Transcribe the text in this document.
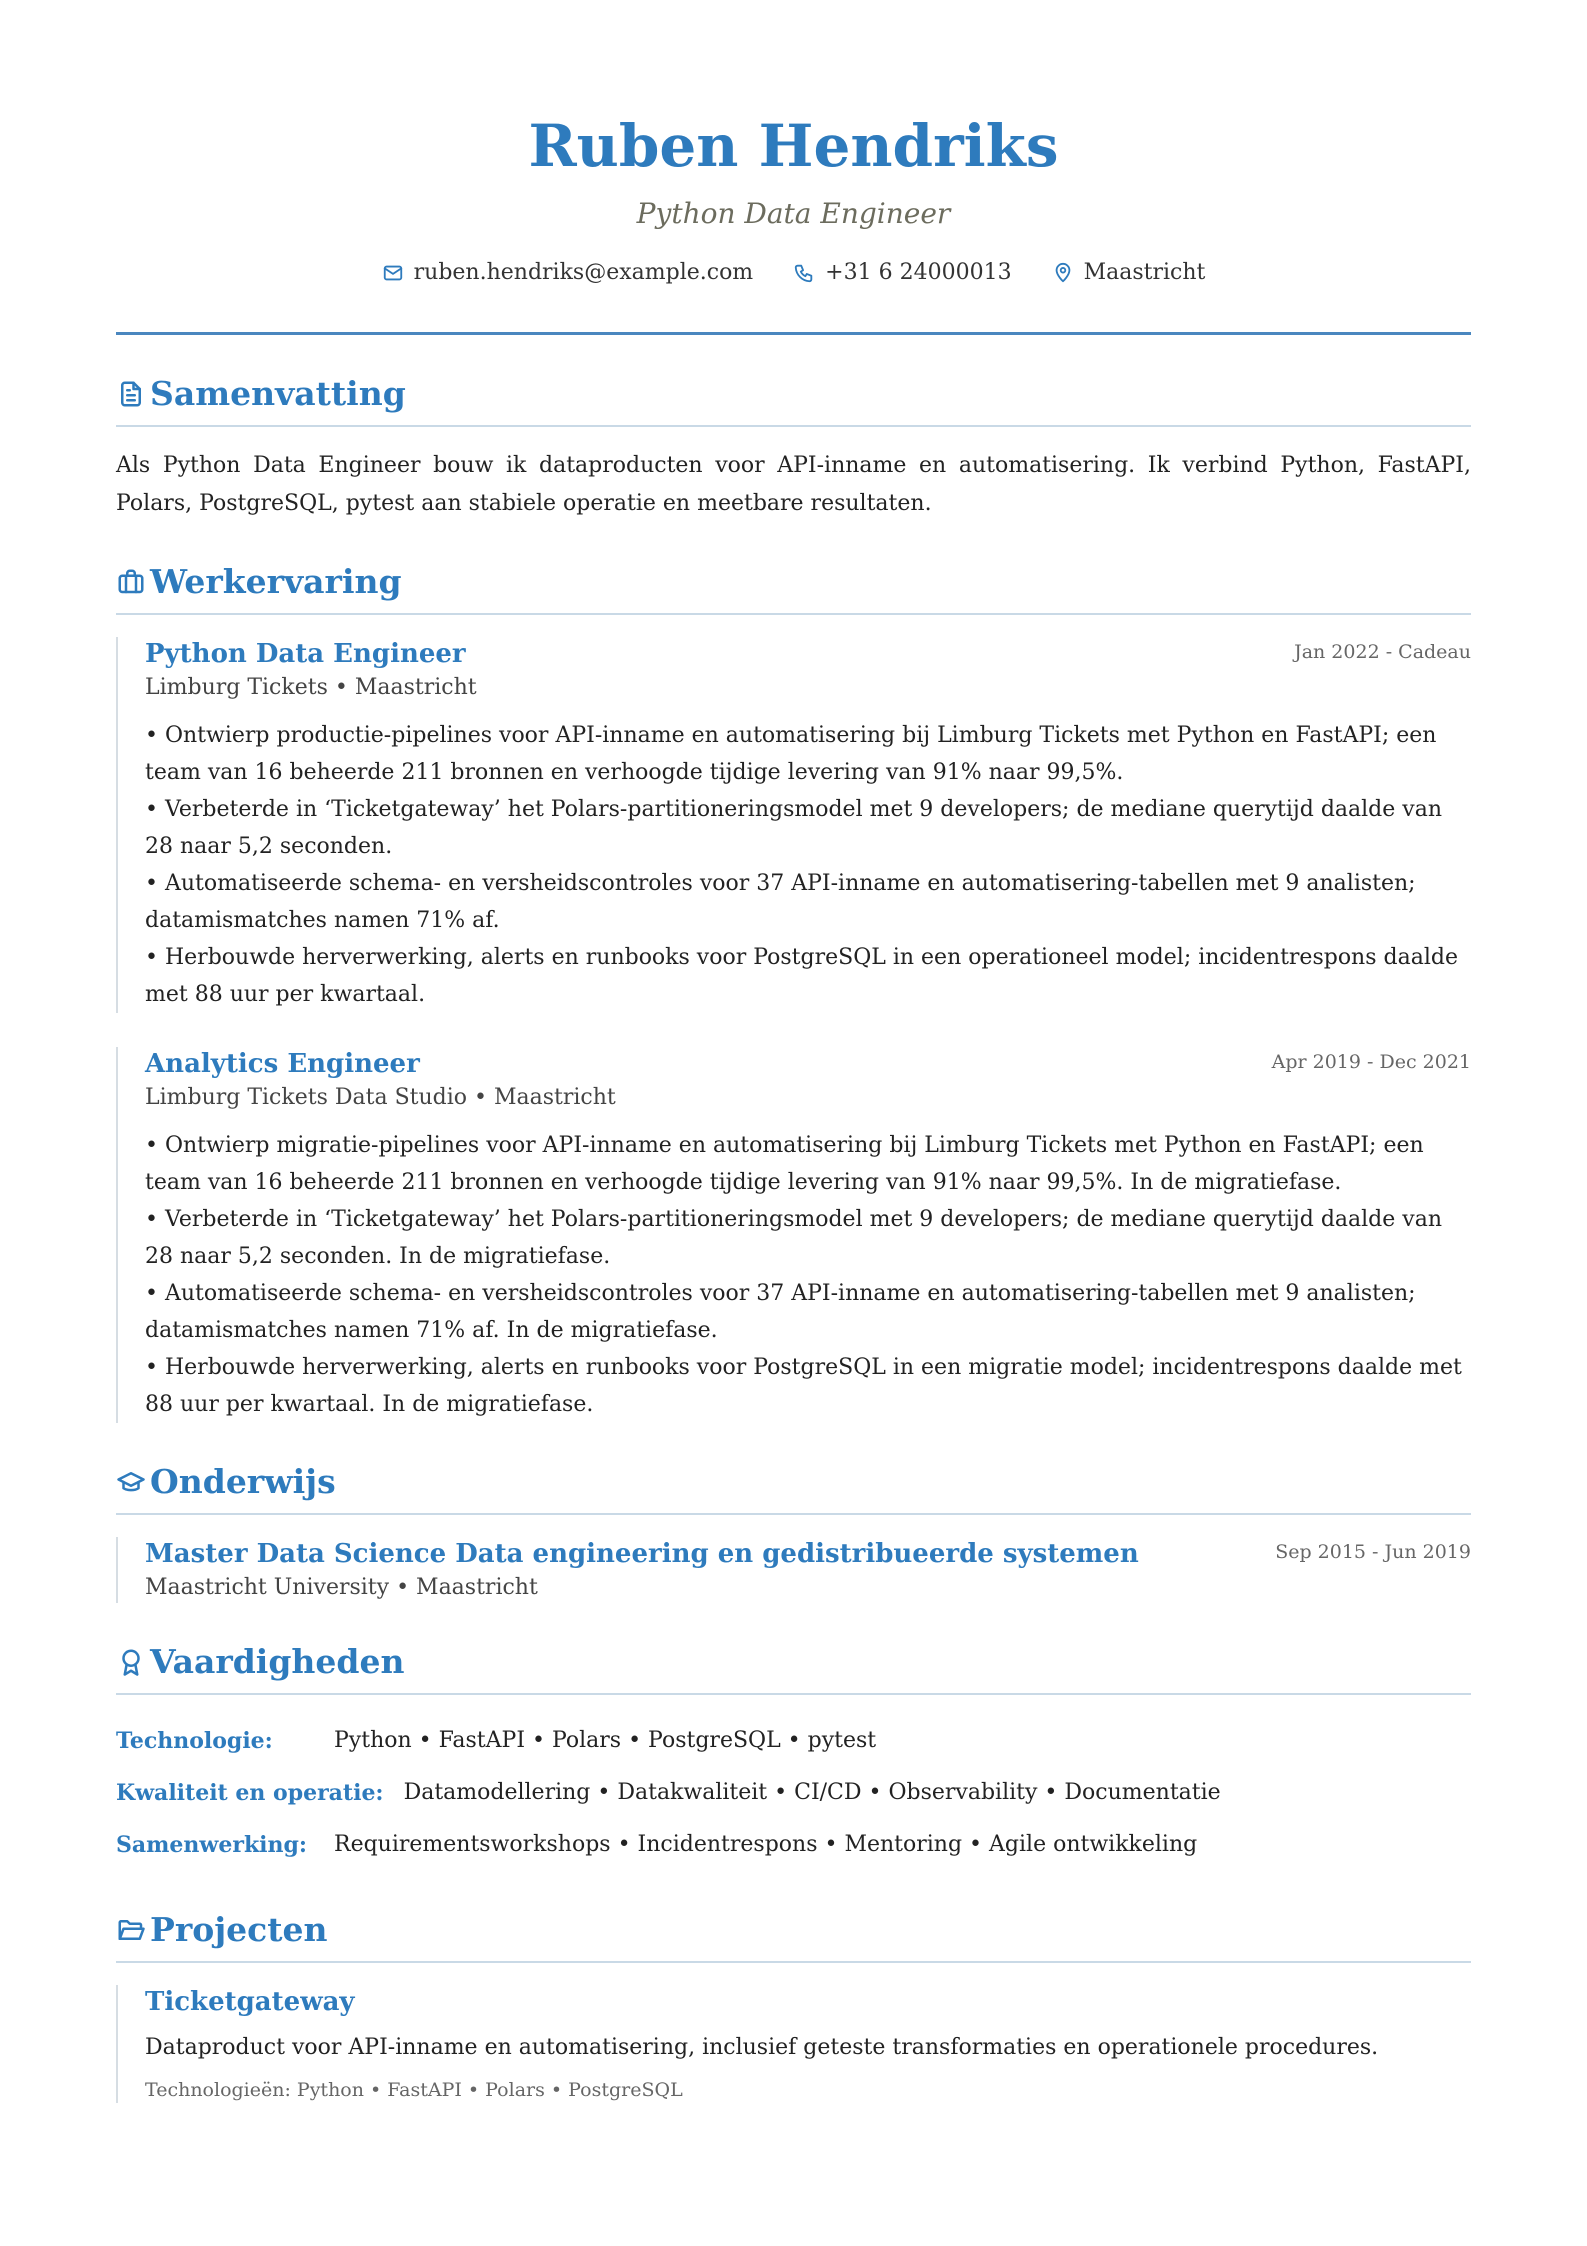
Ruben Hendriks
Python Data Engineer
ruben.hendriks@example.com	+31 6 24000013	Maastricht
Samenvatting
Als Python Data Engineer bouw ik dataproducten voor API-inname en automatisering. Ik verbind Python, FastAPI, Polars, PostgreSQL, pytest aan stabiele operatie en meetbare resultaten.
Werkervaring
Python Data Engineer	Jan 2022 - Cadeau
Limburg Tickets • Maastricht
• Ontwierp productie-pipelines voor API-inname en automatisering bij Limburg Tickets met Python en FastAPI; een team van 16 beheerde 211 bronnen en verhoogde tijdige levering van 91% naar 99,5%.
• Verbeterde in ‘Ticketgateway’ het Polars-partitioneringsmodel met 9 developers; de mediane querytijd daalde van 28 naar 5,2 seconden.
• Automatiseerde schema- en versheidscontroles voor 37 API-inname en automatisering-tabellen met 9 analisten; datamismatches namen 71% af.
• Herbouwde herverwerking, alerts en runbooks voor PostgreSQL in een operationeel model; incidentrespons daalde met 88 uur per kwartaal.
Analytics Engineer	Apr 2019 - Dec 2021
Limburg Tickets Data Studio • Maastricht
• Ontwierp migratie-pipelines voor API-inname en automatisering bij Limburg Tickets met Python en FastAPI; een team van 16 beheerde 211 bronnen en verhoogde tijdige levering van 91% naar 99,5%. In de migratiefase.
• Verbeterde in ‘Ticketgateway’ het Polars-partitioneringsmodel met 9 developers; de mediane querytijd daalde van 28 naar 5,2 seconden. In de migratiefase.
• Automatiseerde schema- en versheidscontroles voor 37 API-inname en automatisering-tabellen met 9 analisten; datamismatches namen 71% af. In de migratiefase.
• Herbouwde herverwerking, alerts en runbooks voor PostgreSQL in een migratie model; incidentrespons daalde met 88 uur per kwartaal. In de migratiefase.
Onderwijs
Master Data Science Data engineering en gedistribueerde systemen	Sep 2015 - Jun 2019
Maastricht University • Maastricht
Vaardigheden
Technologie:	Python • FastAPI • Polars • PostgreSQL • pytest
Kwaliteit en operatie: Datamodellering • Datakwaliteit • CI/CD • Observability • Documentatie
Samenwerking:	Requirementsworkshops • Incidentrespons • Mentoring • Agile ontwikkeling
Projecten
Ticketgateway
Dataproduct voor API-inname en automatisering, inclusief geteste transformaties en operationele procedures.
Technologieën: Python • FastAPI • Polars • PostgreSQL
